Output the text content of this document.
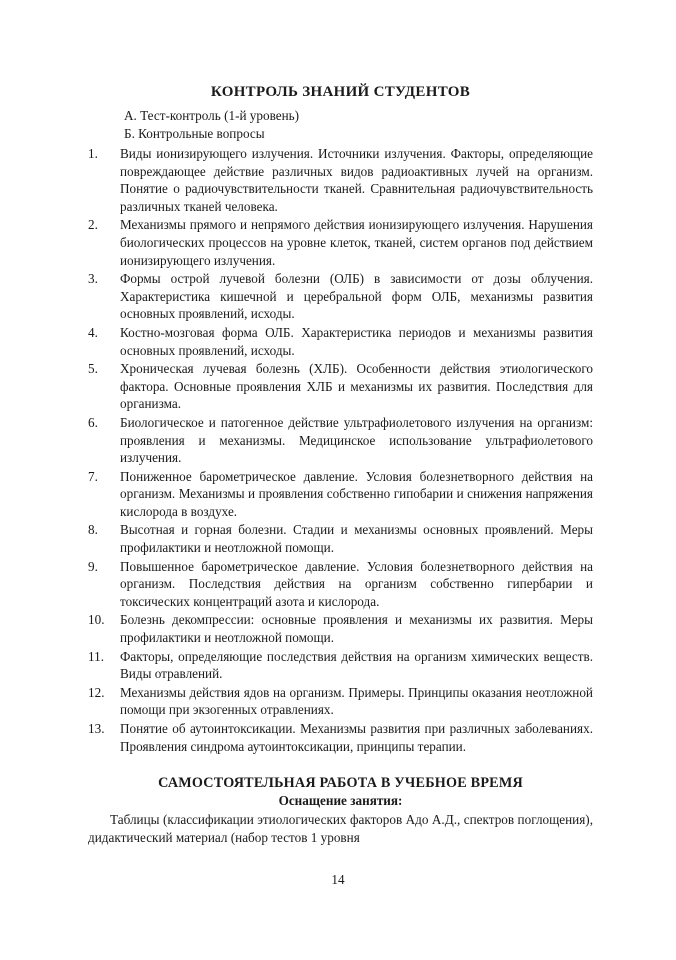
КОНТРОЛЬ ЗНАНИЙ СТУДЕНТОВ
А. Тест-контроль (1-й уровень)
Б. Контрольные вопросы
1. Виды ионизирующего излучения. Источники излучения. Факторы, определяющие повреждающее действие различных видов радиоактивных лучей на организм. Понятие о радиочувствительности тканей. Сравнительная радиочувствительность различных тканей человека.
2. Механизмы прямого и непрямого действия ионизирующего излучения. Нарушения биологических процессов на уровне клеток, тканей, систем органов под действием ионизирующего излучения.
3. Формы острой лучевой болезни (ОЛБ) в зависимости от дозы облучения. Характеристика кишечной и церебральной форм ОЛБ, механизмы развития основных проявлений, исходы.
4. Костно-мозговая форма ОЛБ. Характеристика периодов и механизмы развития основных проявлений, исходы.
5. Хроническая лучевая болезнь (ХЛБ). Особенности действия этиологического фактора. Основные проявления ХЛБ и механизмы их развития. Последствия для организма.
6. Биологическое и патогенное действие ультрафиолетового излучения на организм: проявления и механизмы. Медицинское использование ультрафиолетового излучения.
7. Пониженное барометрическое давление. Условия болезнетворного действия на организм. Механизмы и проявления собственно гипобарии и снижения напряжения кислорода в воздухе.
8. Высотная и горная болезни. Стадии и механизмы основных проявлений. Меры профилактики и неотложной помощи.
9. Повышенное барометрическое давление. Условия болезнетворного действия на организм. Последствия действия на организм собственно гипербарии и токсических концентраций азота и кислорода.
10. Болезнь декомпрессии: основные проявления и механизмы их развития. Меры профилактики и неотложной помощи.
11. Факторы, определяющие последствия действия на организм химических веществ. Виды отравлений.
12. Механизмы действия ядов на организм. Примеры. Принципы оказания неотложной помощи при экзогенных отравлениях.
13. Понятие об аутоинтоксикации. Механизмы развития при различных заболеваниях. Проявления синдрома аутоинтоксикации, принципы терапии.
САМОСТОЯТЕЛЬНАЯ РАБОТА В УЧЕБНОЕ ВРЕМЯ
Оснащение занятия:

Таблицы (классификации этиологических факторов Адо А.Д., спектров поглощения), дидактический материал (набор тестов 1 уровня

14
